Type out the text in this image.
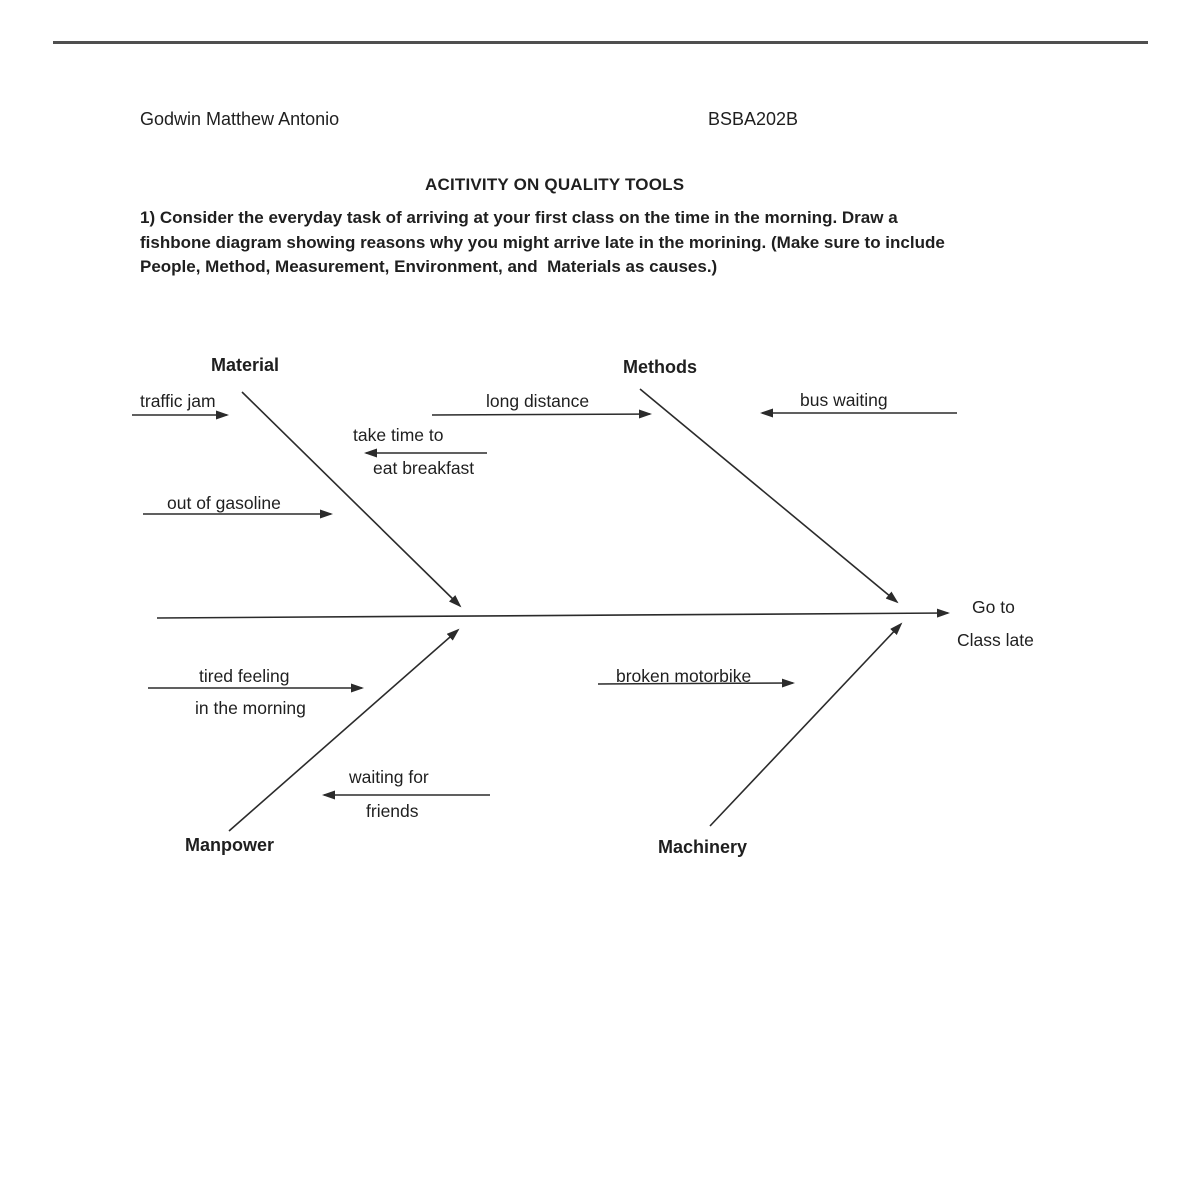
Godwin Matthew Antonio	BSBA202B
ACITIVITY ON QUALITY TOOLS
1) Consider the everyday task of arriving at your first class on the time in the morning. Draw a
fishbone diagram showing reasons why you might arrive late in the morining. (Make sure to include
People, Method, Measurement, Environment, and  Materials as causes.)
Material	Methods
Manpower	Machinery
traffic jam
take time to
eat breakfast
out of gasoline
long distance	bus waiting
tired feeling
in the morning
waiting for
friends
broken motorbike
Go to
Class late
